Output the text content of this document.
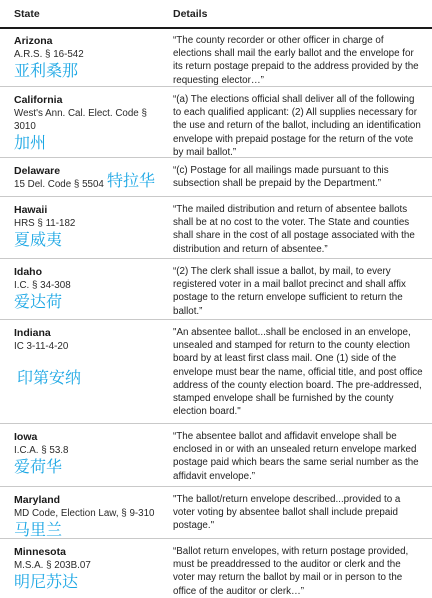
State	Details
Arizona
A.R.S. § 16-542
亚利桑那
“The county recorder or other officer in charge of elections shall mail the early ballot and the envelope for its return postage prepaid to the address provided by the requesting elector…”
California
West's Ann. Cal. Elect. Code § 3010
加州
“(a) The elections official shall deliver all of the following to each qualified applicant: (2) All supplies necessary for the use and return of the ballot, including an identification envelope with prepaid postage for the return of the vote by mail ballot.”
Delaware
15 Del. Code § 5504 特拉华
“(c) Postage for all mailings made pursuant to this subsection shall be prepaid by the Department.”
Hawaii
HRS § 11-182
夏威夷
“The mailed distribution and return of absentee ballots shall be at no cost to the voter. The State and counties shall share in the cost of all postage associated with the distribution and return of absentee.”
Idaho
I.C. § 34-308
爱达荷
“(2) The clerk shall issue a ballot, by mail, to every registered voter in a mail ballot precinct and shall affix postage to the return envelope sufficient to return the ballot.”
Indiana
IC 3-11-4-20
印第安纳
"An absentee ballot...shall be enclosed in an envelope, unsealed and stamped for return to the county election board by at least first class mail. One (1) side of the envelope must bear the name, official title, and post office address of the county election board. The pre-addressed, stamped envelope shall be furnished by the county election board."
Iowa
I.C.A. § 53.8
爱荷华
“The absentee ballot and affidavit envelope shall be enclosed in or with an unsealed return envelope marked postage paid which bears the same serial number as the affidavit envelope.”
Maryland
MD Code, Election Law, § 9-310
马里兰
"The ballot/return envelope described...provided to a voter voting by absentee ballot shall include prepaid postage."
Minnesota
M.S.A. § 203B.07
明尼苏达
“Ballot return envelopes, with return postage provided, must be preaddressed to the auditor or clerk and the voter may return the ballot by mail or in person to the office of the auditor or clerk…”
